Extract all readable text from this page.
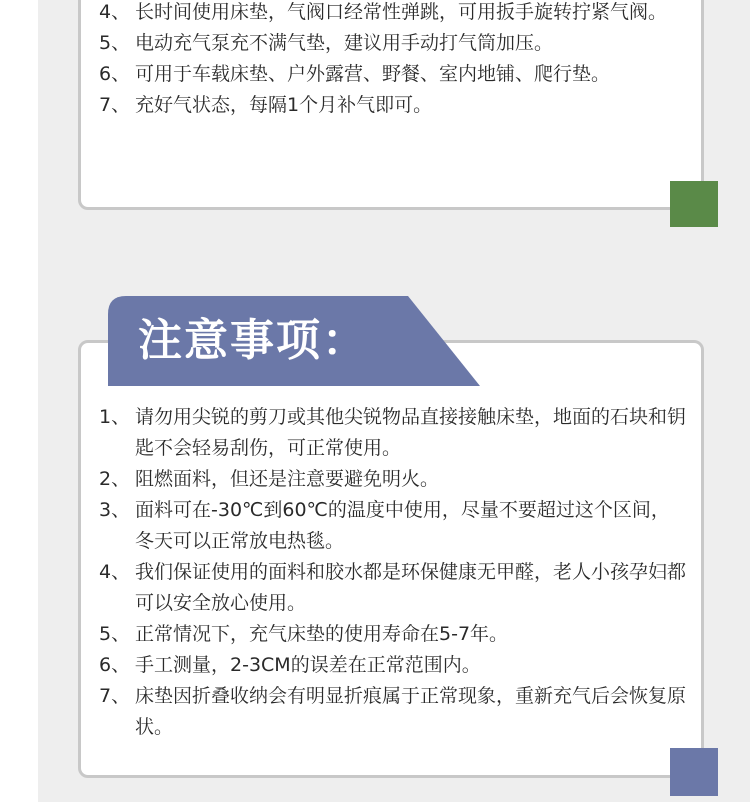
4、 长时间使用床垫，气阀口经常性弹跳，可用扳手旋转拧紧气阀。
5、 电动充气泵充不满气垫，建议用手动打气筒加压。
6、 可用于车载床垫、户外露营、野餐、室内地铺、爬行垫。
7、 充好气状态，每隔1个月补气即可。
1、 请勿用尖锐的剪刀或其他尖锐物品直接接触床垫，地面的石块和钥匙不会轻易刮伤，可正常使用。
2、 阻燃面料，但还是注意要避免明火。
3、 面料可在-30℃到60℃的温度中使用，尽量不要超过这个区间，冬天可以正常放电热毯。
4、 我们保证使用的面料和胶水都是环保健康无甲醛，老人小孩孕妇都可以安全放心使用。
5、 正常情况下，充气床垫的使用寿命在5-7年。
6、 手工测量，2-3CM的误差在正常范围内。
7、 床垫因折叠收纳会有明显折痕属于正常现象，重新充气后会恢复原状。
注意事项：
